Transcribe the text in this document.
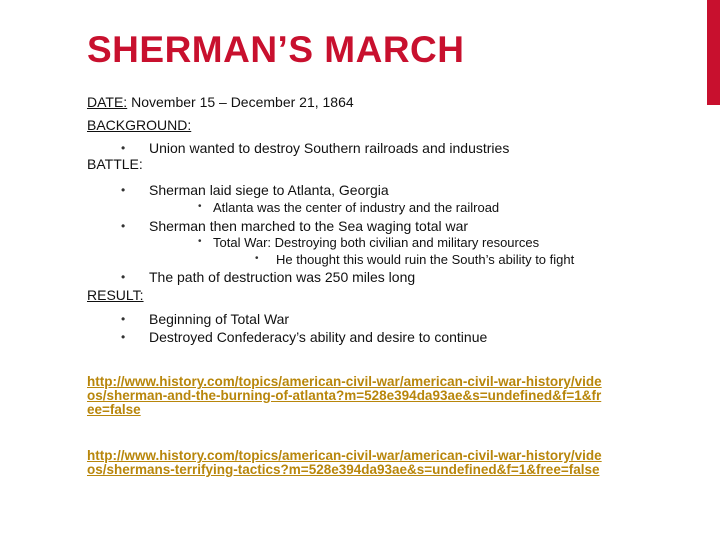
SHERMAN’S MARCH
DATE: November 15 – December 21, 1864
BACKGROUND:
• Union wanted to destroy Southern railroads and industries
BATTLE:
• Sherman laid siege to Atlanta, Georgia
• Atlanta was the center of industry and the railroad
• Sherman then marched to the Sea waging total war
• Total War: Destroying both civilian and military resources
• He thought this would ruin the South’s ability to fight
• The path of destruction was 250 miles long
RESULT:
• Beginning of Total War
• Destroyed Confederacy’s ability and desire to continue
http://www.history.com/topics/american-civil-war/american-civil-war-history/videos/sherman-and-the-burning-of-atlanta?m=528e394da93ae&s=undefined&f=1&free=false
http://www.history.com/topics/american-civil-war/american-civil-war-history/videos/shermans-terrifying-tactics?m=528e394da93ae&s=undefined&f=1&free=false
